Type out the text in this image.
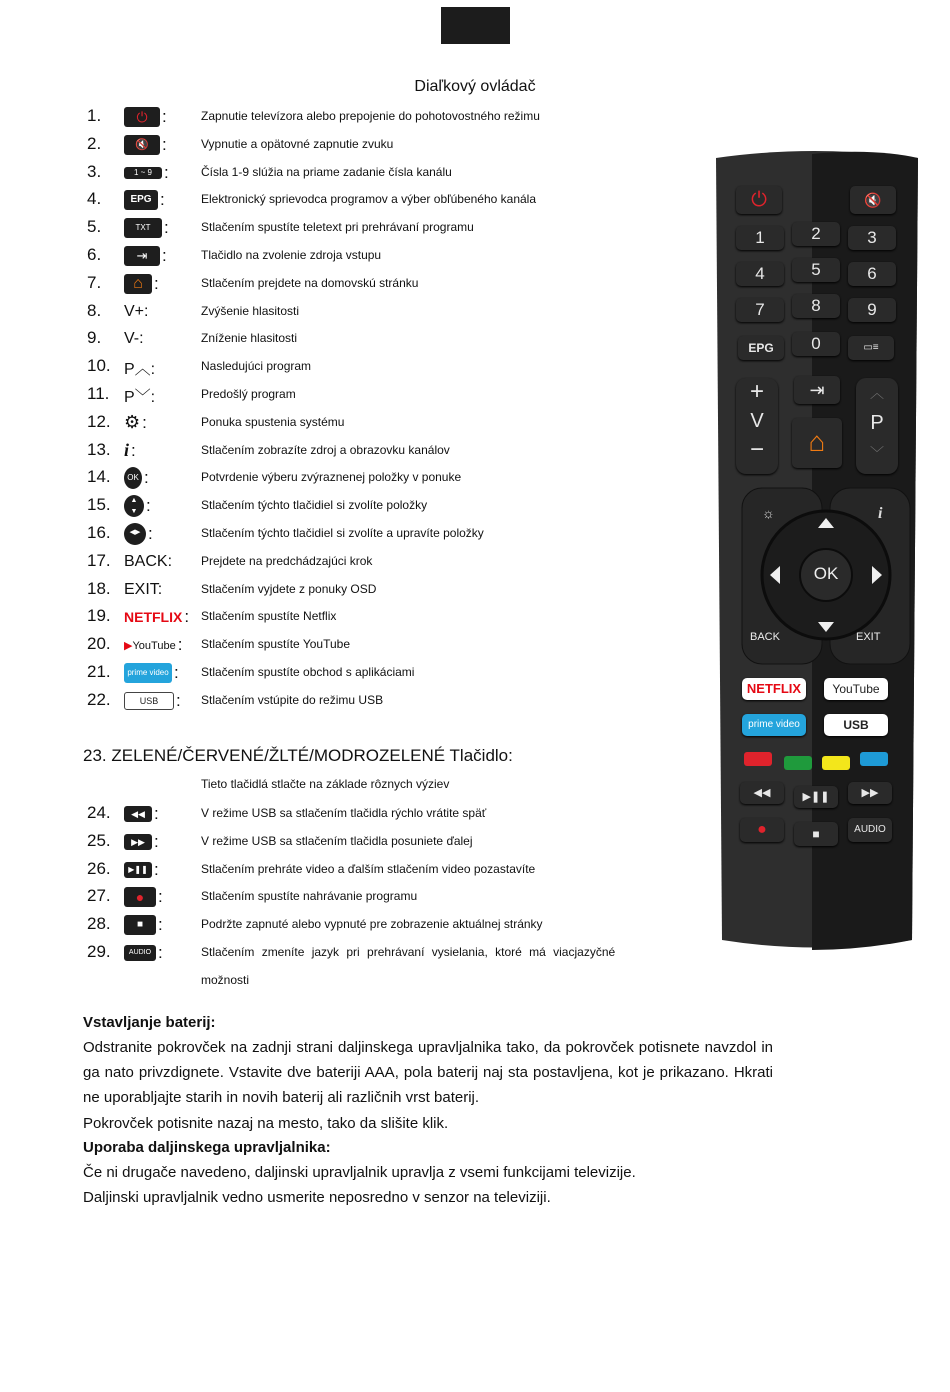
Diaľkový ovládač
1.	⏻ :	Zapnutie televízora alebo prepojenie do pohotovostného režimu
2.	🔇 :	Vypnutie a opätovné zapnutie zvuku
3.	1 ~ 9 :	Čísla 1-9 slúžia na priame zadanie čísla kanálu
4.	EPG :	Elektronický sprievodca programov a výber obľúbeného kanála
5.	TXT :	Stlačením spustíte teletext pri prehrávaní programu
6.	⇥ :	Tlačidlo na zvolenie zdroja vstupu
7.	⌂ :	Stlačením prejdete na domovskú stránku
8.	V+:	Zvýšenie hlasitosti
9.	V-:	Zníženie hlasitosti
10. P︿:	Nasledujúci program
11. P﹀:	Predošlý program
12. ⚙ :	Ponuka spustenia systému
13. i :	Stlačením zobrazíte zdroj a obrazovku kanálov
14.	OK :	Potvrdenie výberu zvýraznenej položky v ponuke
15.	▲
▼ :	Stlačením týchto tlačidiel si zvolíte položky
16.	◀▶ :	Stlačením týchto tlačidiel si zvolíte a upravíte položky
17. BACK: Prejdete na predchádzajúci krok
18. EXIT:	Stlačením vyjdete z ponuky OSD
19. NETFLIX : Stlačením spustíte Netflix
20.	▶YouTube : Stlačením spustíte YouTube
21.	prime video : Stlačením spustíte obchod s aplikáciami
22.	USB	: Stlačením vstúpite do režimu USB
23. ZELENÉ/ČERVENÉ/ŽLTÉ/MODROZELENÉ Tlačidlo:
Tieto tlačidlá stlačte na základe rôznych výziev
24.	◀◀ :	V režime USB sa stlačením tlačidla rýchlo vrátite späť
25.	▶▶ :	V režime USB sa stlačením tlačidla posuniete ďalej
26.	▶❚❚ :	Stlačením prehráte video a ďalším stlačením video pozastavíte
27.	● :	Stlačením spustíte nahrávanie programu
28.	■ :	Podržte zapnuté alebo vypnuté pre zobrazenie aktuálnej stránky
29.	AUDIO :	Stlačením zmeníte jazyk pri prehrávaní vysielania, ktoré má viacjazyčné
možnosti
Vstavljanje baterij:
Odstranite pokrovček na zadnji strani daljinskega upravljalnika tako, da pokrovček potisnete navzdol in ga nato privzdignete. Vstavite dve bateriji AAA, pola baterij naj sta postavljena, kot je prikazano. Hkrati ne uporabljajte starih in novih baterij ali različnih vrst baterij.
Pokrovček potisnite nazaj na mesto, tako da slišite klik.
Uporaba daljinskega upravljalnika:
Če ni drugače navedeno, daljinski upravljalnik upravlja z vsemi funkcijami televizije.
Daljinski upravljalnik vedno usmerite neposredno v senzor na televiziji.
⏻	🔇
1	2	3
4	5	6
7	8	9
0
EPG	▭≡
+
V
−
⇥
⌂
︿
P
﹀
☼	i
OK
BACK	EXIT
NETFLIX	YouTube
prime video	USB
◀◀	▶❚❚	▶▶
●	■	AUDIO
